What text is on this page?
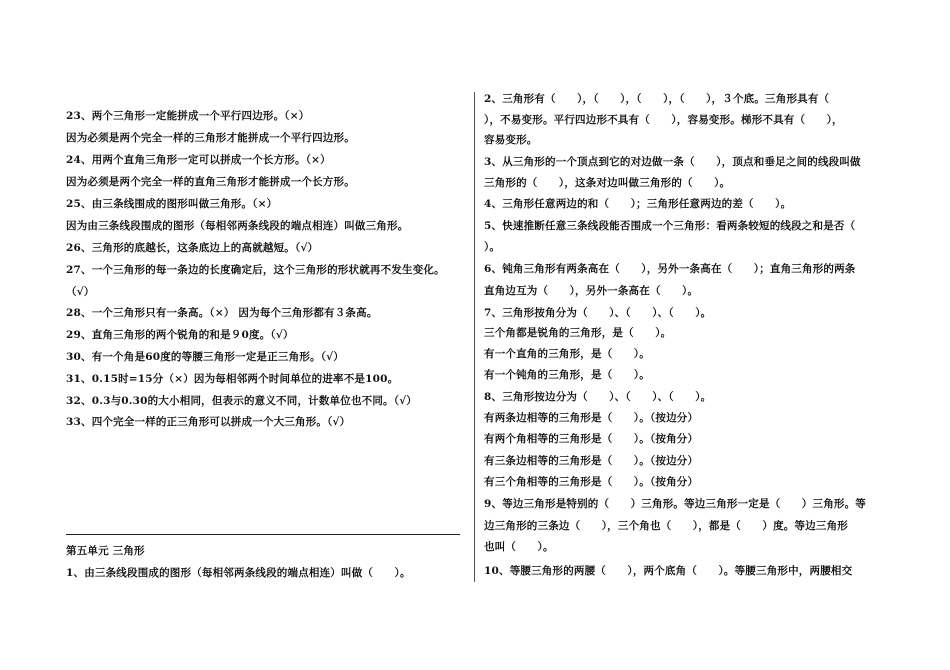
23、两个三角形一定能拼成一个平行四边形。（×）
因为必须是两个完全一样的三角形才能拼成一个平行四边形。
24、用两个直角三角形一定可以拼成一个长方形。（×）
因为必须是两个完全一样的直角三角形才能拼成一个长方形。
25、由三条线围成的图形叫做三角形。（×）
因为由三条线段围成的图形（每相邻两条线段的端点相连）叫做三角形。
26、三角形的底越长，这条底边上的高就越短。（√）
27、一个三角形的每一条边的长度确定后，这个三角形的形状就再不发生变化。
（√）
28、一个三角形只有一条高。（×） 因为每个三角形都有３条高。
29、直角三角形的两个锐角的和是９0度。（√）
30、有一个角是60度的等腰三角形一定是正三角形。（√）
31、0.15时=15分（×）因为每相邻两个时间单位的进率不是100。
32、0.3与0.30的大小相同，但表示的意义不同，计数单位也不同。（√）
33、四个完全一样的正三角形可以拼成一个大三角形。（√）
第五单元 三角形
1、由三条线段围成的图形（每相邻两条线段的端点相连）叫做（　　）。
2、三角形有（　　），（　　），（　　），（　　），３个底。三角形具有（
），不易变形。平行四边形不具有（　　），容易变形。梯形不具有（　　），
容易变形。
3、从三角形的一个顶点到它的对边做一条（　　），顶点和垂足之间的线段叫做
三角形的（　　），这条对边叫做三角形的（　　）。
4、三角形任意两边的和（　　）；三角形任意两边的差（　　）。
5、快速推断任意三条线段能否围成一个三角形：看两条较短的线段之和是否（
）。
6、钝角三角形有两条高在（　　），另外一条高在（　　）；直角三角形的两条
直角边互为（　　），另外一条高在（　　）。
7、三角形按角分为（　　）、（　　）、（　　）。
三个角都是锐角的三角形，是（　　）。
有一个直角的三角形，是（　　）。
有一个钝角的三角形，是（　　）。
8、三角形按边分为（　　）、（　　）、（　　）。
有两条边相等的三角形是（　　）。（按边分）
有两个角相等的三角形是（　　）。（按角分）
有三条边相等的三角形是（　　）。（按边分）
有三个角相等的三角形是（　　）。（按角分）
9、等边三角形是特别的（　　）三角形。等边三角形一定是（　　）三角形。等
边三角形的三条边（　　），三个角也（　　），都是（　　）度。等边三角形
也叫（　　）。
10、等腰三角形的两腰（　　），两个底角（　　）。等腰三角形中，两腰相交
